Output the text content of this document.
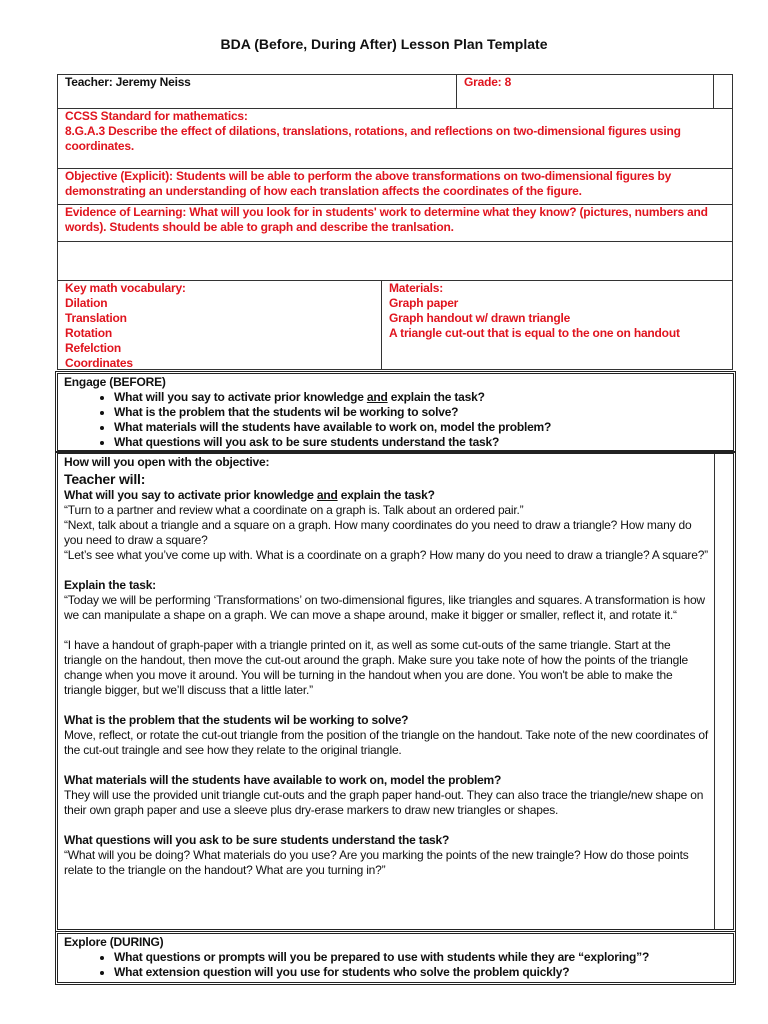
BDA (Before, During After) Lesson Plan Template
Teacher: Jeremy Neiss	Grade: 8

CCSS Standard for mathematics:

8.G.A.3 Describe the effect of dilations, translations, rotations, and reflections on two-dimensional figures using coordinates.

Objective (Explicit): Students will be able to perform the above transformations on two-dimensional figures by demonstrating an understanding of how each translation affects the coordinates of the figure.
Evidence of Learning: What will you look for in students' work to determine what they know? (pictures, numbers and words). Students should be able to graph and describe the tranlsation.

Key math vocabulary:

Dilation

Translation

Rotation

Refelction

Coordinates

Materials:

Graph paper

Graph handout w/ drawn triangle

A triangle cut-out that is equal to the one on handout

Engage (BEFORE)

• What will you say to activate prior knowledge and explain the task?
• What is the problem that the students wil be working to solve?
• What materials will the students have available to work on, model the problem?
• What questions will you ask to be sure students understand the task?

How will you open with the objective:

Teacher will:

What will you say to activate prior knowledge and explain the task?

“Turn to a partner and review what a coordinate on a graph is. Talk about an ordered pair.”

“Next, talk about a triangle and a square on a graph. How many coordinates do you need to draw a triangle? How many do you need to draw a square?

“Let’s see what you’ve come up with. What is a coordinate on a graph? How many do you need to draw a triangle? A square?”

Explain the task:

“Today we will be performing ‘Transformations’ on two-dimensional figures, like triangles and squares. A transformation is how we can manipulate a shape on a graph. We can move a shape around, make it bigger or smaller, reflect it, and rotate it.“

“I have a handout of graph-paper with a triangle printed on it, as well as some cut-outs of the same triangle. Start at the triangle on the handout, then move the cut-out around the graph. Make sure you take note of how the points of the triangle change when you move it around. You will be turning in the handout when you are done. You won't be able to make the triangle bigger, but we’ll discuss that a little later.”

What is the problem that the students wil be working to solve?

Move, reflect, or rotate the cut-out triangle from the position of the triangle on the handout. Take note of the new coordinates of the cut-out traingle and see how they relate to the original triangle.

What materials will the students have available to work on, model the problem?

They will use the provided unit triangle cut-outs and the graph paper hand-out. They can also trace the triangle/new shape on their own graph paper and use a sleeve plus dry-erase markers to draw new triangles or shapes.

What questions will you ask to be sure students understand the task?

“What will you be doing? What materials do you use? Are you marking the points of the new traingle? How do those points relate to the triangle on the handout? What are you turning in?”

Explore (DURING)

• What questions or prompts will you be prepared to use with students while they are “exploring”?
• What extension question will you use for students who solve the problem quickly?
